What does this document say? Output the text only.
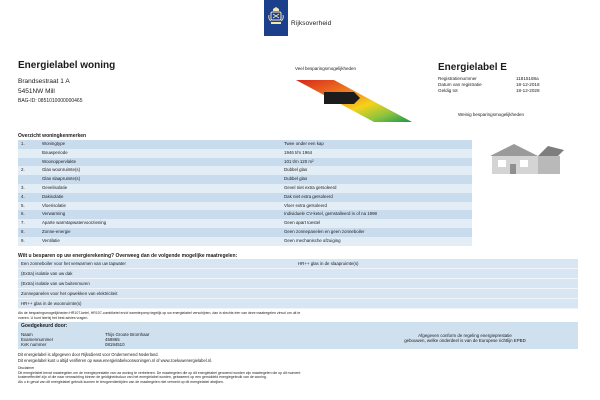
Rijksoverheid
Energielabel woning
Brandsestraat 1 A
5451NW Mill
BAG-ID: 0851010000000465
Veel besparingsmogelijkheden
Weinig besparingsmogelijkheden
Energielabel E
Registratienummer	11815188a
Datum van registratie	18-12-2018
Geldig tot	18-12-2028
Overzicht woningkenmerken
1.	Woningtype	Twee onder een kap
Bouwperiode	1946 t/m 1964
Woonoppervlakte	101 t/m 120 m²
2.	Glas woonruimte(s)	Dubbel glas
Glas slaapruimte(s)	Dubbel glas
3.	Gevelisolatie	Gevel niet extra geïsoleerd
4.	Dakisolatie	Dak niet extra geïsoleerd
5.	Vloerisolatie	Vloer extra geïsoleerd
6.	Verwarming	Individuele CV-ketel, geïnstalleerd in of na 1998
7.	Aparte warmtapwatervoorziening	Geen apart toestel
8.	Zonne-energie	Geen zonnepanelen en geen zonneboiler
9.	Ventilatie	Geen mechanische afzuiging
Wilt u besparen op uw energierekening? Overweeg dan de volgende mogelijke maatregelen:
Een zonneboiler voor het verwarmen van uw tapwater	HR++ glas in de slaapruimte(s)
(Extra) isolatie van uw dak
(Extra) isolatie van uw buitenmuren
Zonnepanelen voor het opwekken van elektriciteit
HR++ glas in de woonruimte(s)
Als de besparingsmogelijkheden HR107-ketel, HR107-combiketel en/of warmtepomp tegelijk op uw energielabel verschijnen, dan is slechts één van deze maatregelen zinvol om uit te
voeren. U kunt hierbij het best advies vragen.
Goedgekeurd door:
Naam	Thijs Groote Bromhaar
Examennummer	459865
KvK nummer	08194510
Afgegeven conform de regeling energieprestatie
gebouwen, welke onderdeel is van de Europese richtlijn EPBD
Dit energielabel is afgegeven door Rijksdienst voor Ondernemend Nederland.
Dit energielabel kunt u altijd verifiëren op www.energielabelvoorwoningen.nl of www.zoekuwenergielabel.nl.
Disclaimer
Dit energielabel bevat maatregelen om de energieprestatie van uw woning te verbeteren. De maatregelen die op dit energielabel genoemd worden zijn maatregelen die op dit moment
kosteneffectief zijn of die naar verwachting binnen de geldigheidsduur van het energielabel worden, gebaseerd op een gemiddeld energiegebruik van de woning.
Als u in geval van dit energielabel gebruik kunnen te terugverdientijden van de maatregelen niet vermeld op dit energielabel afwijken.
